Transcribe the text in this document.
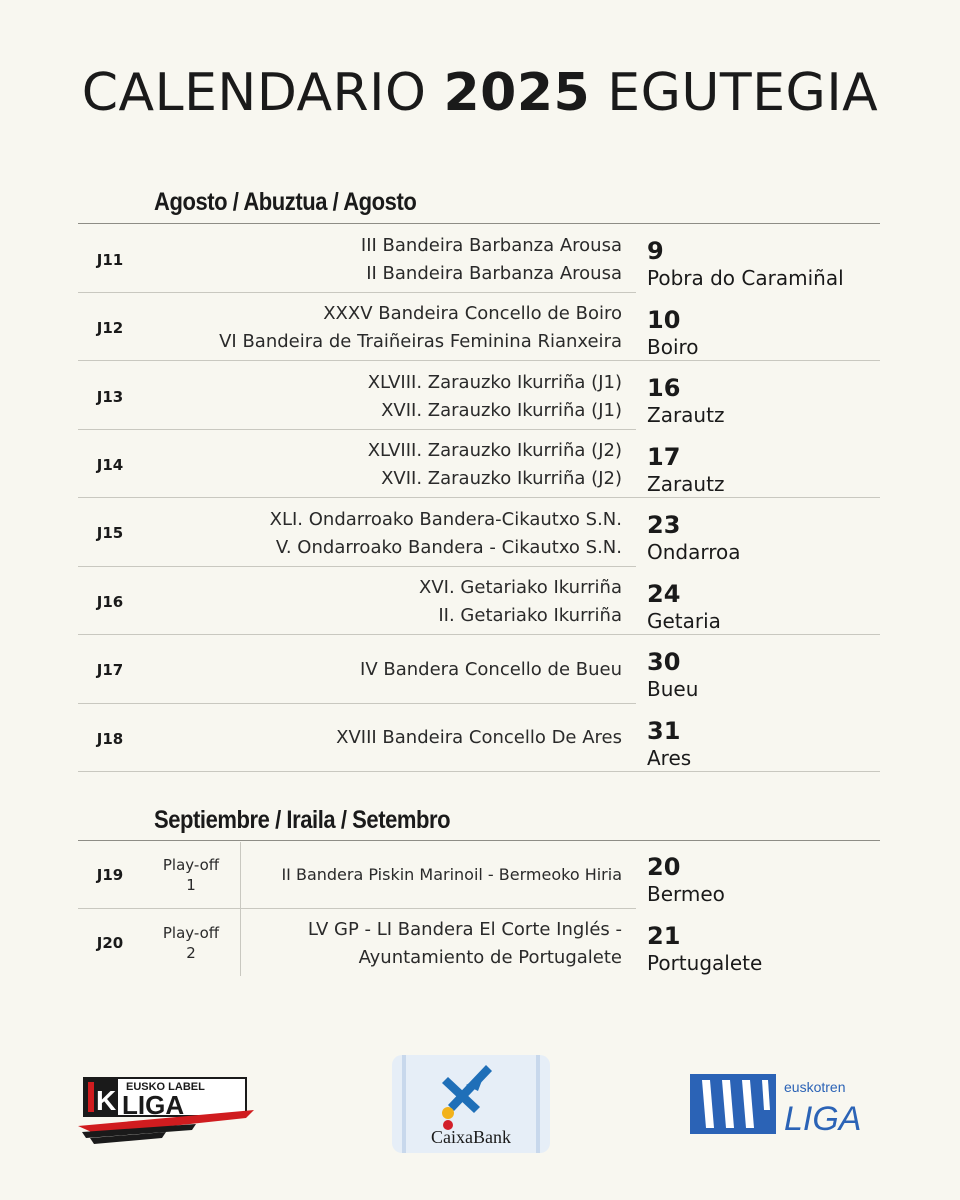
CALENDARIO 2025 EGUTEGIA
Agosto / Abuztua / Agosto
J11
III Bandeira Barbanza Arousa
II Bandeira Barbanza Arousa
9
Pobra do Caramiñal
J12
XXXV Bandeira Concello de Boiro
VI Bandeira de Traiñeiras Feminina Rianxeira
10
Boiro
J13
XLVIII. Zarauzko Ikurriña (J1)
XVII. Zarauzko Ikurriña (J1)
16
Zarautz
J14
XLVIII. Zarauzko Ikurriña (J2)
XVII. Zarauzko Ikurriña (J2)
17
Zarautz
J15
XLI. Ondarroako Bandera-Cikautxo S.N.
V. Ondarroako Bandera - Cikautxo S.N.
23
Ondarroa
J16
XVI. Getariako Ikurriña
II. Getariako Ikurriña
24
Getaria
J17	IV Bandera Concello de Bueu 30
Bueu
J18	XVIII Bandeira Concello De Ares 31
Ares
Septiembre / Iraila / Setembro
J19
Play-off
1
II Bandera Piskin Marinoil - Bermeoko Hiria 20
Bermeo
J20
Play-off
2
LV GP - LI Bandera El Corte Inglés -
Ayuntamiento de Portugalete
21
Portugalete
K EUSKO LABEL
LIGA
CaixaBank
euskotren
LIGA
